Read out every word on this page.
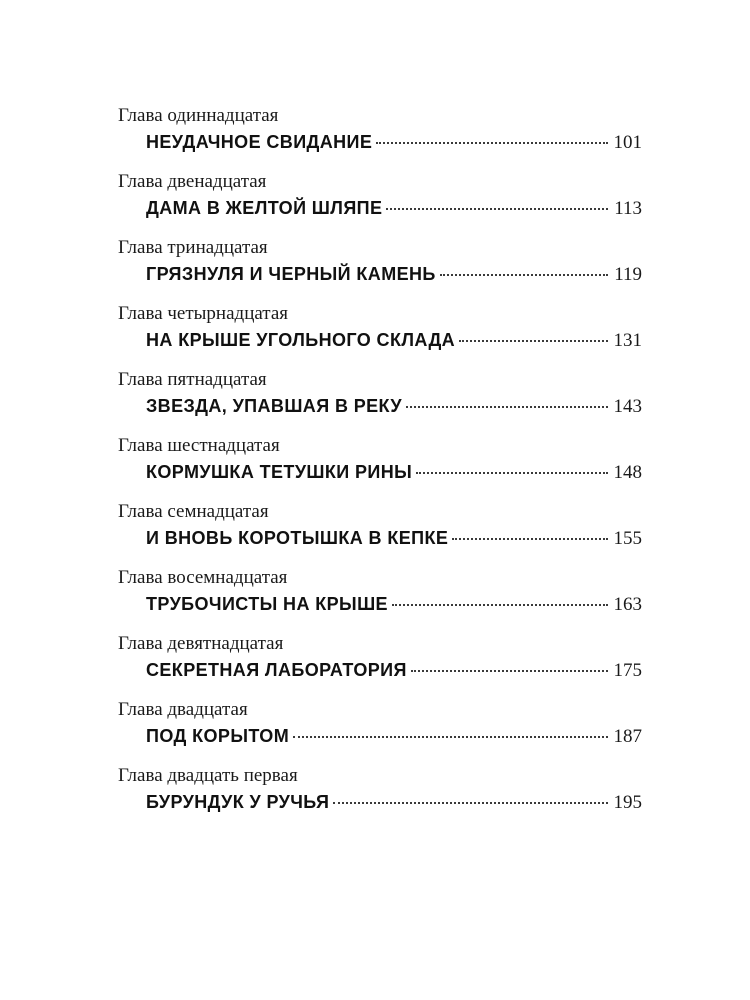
Глава одиннадцатая
НЕУДАЧНОЕ СВИДАНИЕ	101
Глава двенадцатая
ДАМА В ЖЕЛТОЙ ШЛЯПЕ	113
Глава тринадцатая
ГРЯЗНУЛЯ И ЧЕРНЫЙ КАМЕНЬ	119
Глава четырнадцатая
НА КРЫШЕ УГОЛЬНОГО СКЛАДА	131
Глава пятнадцатая
ЗВЕЗДА, УПАВШАЯ В РЕКУ	143
Глава шестнадцатая
КОРМУШКА ТЕТУШКИ РИНЫ	148
Глава семнадцатая
И ВНОВЬ КОРОТЫШКА В КЕПКЕ	155
Глава восемнадцатая
ТРУБОЧИСТЫ НА КРЫШЕ	163
Глава девятнадцатая
СЕКРЕТНАЯ ЛАБОРАТОРИЯ	175
Глава двадцатая
ПОД КОРЫТОМ	187
Глава двадцать первая
БУРУНДУК У РУЧЬЯ	195
